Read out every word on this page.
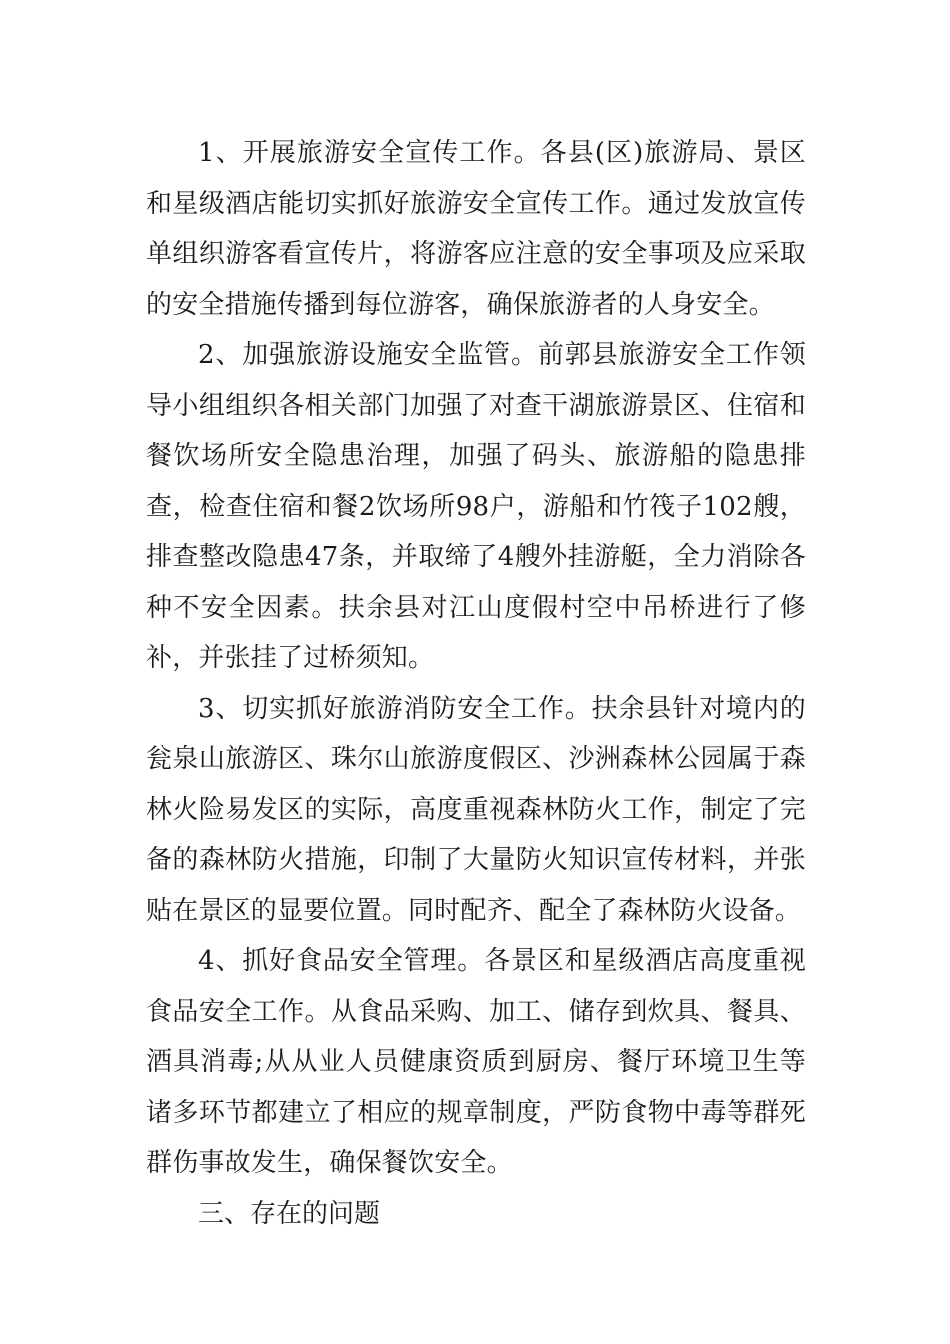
1、开展旅游安全宣传工作。各县(区)旅游局、景区和星级酒店能切实抓好旅游安全宣传工作。通过发放宣传单组织游客看宣传片，将游客应注意的安全事项及应采取的安全措施传播到每位游客，确保旅游者的人身安全。

2、加强旅游设施安全监管。前郭县旅游安全工作领导小组组织各相关部门加强了对查干湖旅游景区、住宿和餐饮场所安全隐患治理，加强了码头、旅游船的隐患排查，检查住宿和餐2饮场所98户，游船和竹筏子102艘，排查整改隐患47条，并取缔了4艘外挂游艇，全力消除各种不安全因素。扶余县对江山度假村空中吊桥进行了修补，并张挂了过桥须知。

3、切实抓好旅游消防安全工作。扶余县针对境内的瓮泉山旅游区、珠尔山旅游度假区、沙洲森林公园属于森林火险易发区的实际，高度重视森林防火工作，制定了完备的森林防火措施，印制了大量防火知识宣传材料，并张贴在景区的显要位置。同时配齐、配全了森林防火设备。

4、抓好食品安全管理。各景区和星级酒店高度重视食品安全工作。从食品采购、加工、储存到炊具、餐具、酒具消毒;从从业人员健康资质到厨房、餐厅环境卫生等诸多环节都建立了相应的规章制度，严防食物中毒等群死群伤事故发生，确保餐饮安全。

三、存在的问题
